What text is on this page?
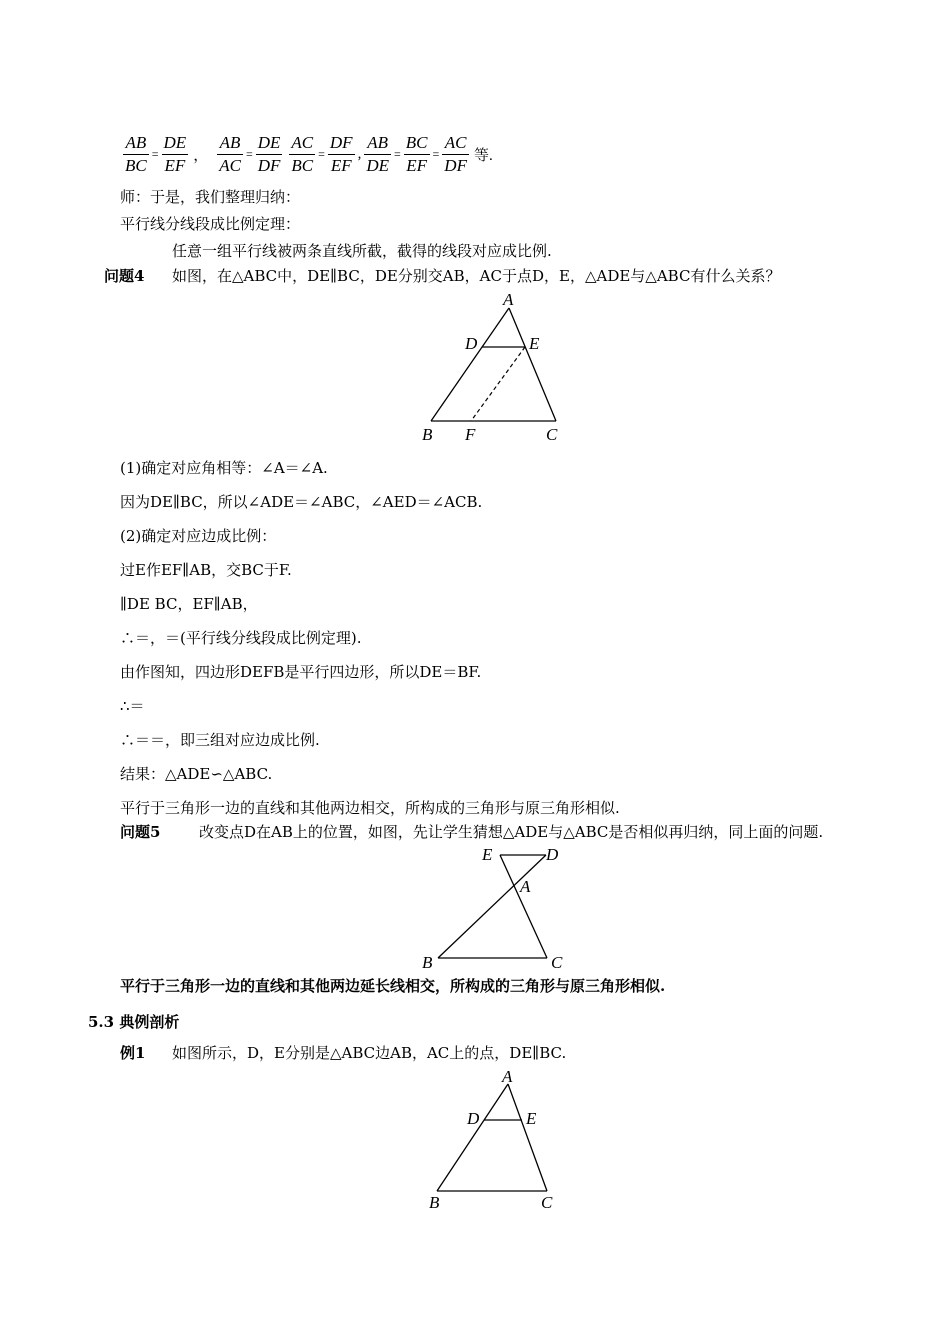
$\frac{AB}{BC} = \frac{DE}{EF}$ ， $\frac{AB}{AC} = \frac{DE}{DF} \frac{AC}{BC} = \frac{DF}{EF}$ , $\frac{AB}{DE} = \frac{BC}{EF} = \frac{AC}{DF}$ 等.
师：于是，我们整理归纳：
平行线分线段成比例定理：
任意一组平行线被两条直线所截，截得的线段对应成比例.
问题4 如图，在△ABC中，DE∥BC，DE分别交AB，AC于点D，E，△ADE与△ABC有什么关系？
A
D	E
B F	C
(1)确定对应角相等：∠A＝∠A.
因为DE∥BC，所以∠ADE＝∠ABC，∠AED＝∠ACB.
(2)确定对应边成比例：
过E作EF∥AB，交BC于F.
∥DE BC，EF∥AB，
∴＝，＝(平行线分线段成比例定理).
由作图知，四边形DEFB是平行四边形，所以DE＝BF.
∴＝
∴＝＝，即三组对应边成比例.
结果：△ADE∽△ABC.
平行于三角形一边的直线和其他两边相交，所构成的三角形与原三角形相似.
问题5	改变点D在AB上的位置，如图，先让学生猜想△ADE与△ABC是否相似再归纳，同上面的问题.
E	D
A
B	C
平行于三角形一边的直线和其他两边延长线相交，所构成的三角形与原三角形相似.
5.3 典例剖析
例1 如图所示，D，E分别是△ABC边AB，AC上的点，DE∥BC.
A
D	E
B	C
